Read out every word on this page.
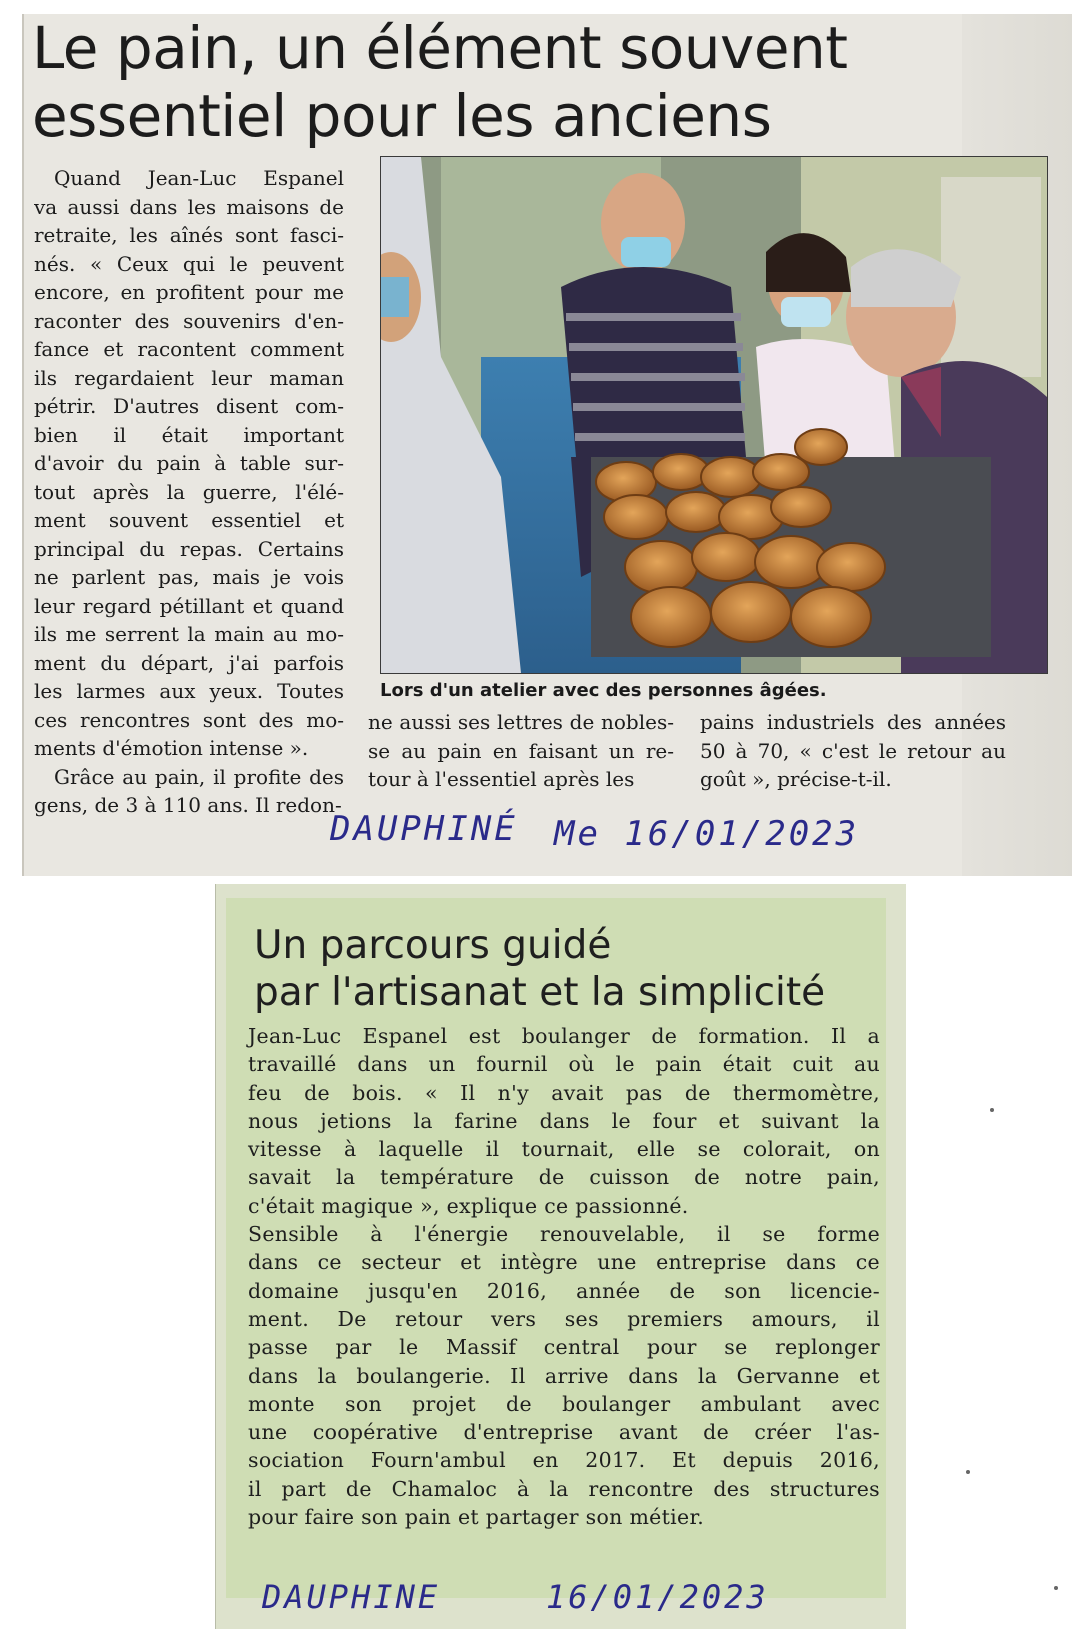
Le pain, un élément souvent
essentiel pour les anciens
Quand Jean-Luc Espanel
va aussi dans les maisons de
retraite, les aînés sont fasci-
nés. « Ceux qui le peuvent
encore, en profitent pour me
raconter des souvenirs d'en-
fance et racontent comment
ils regardaient leur maman
pétrir. D'autres disent com-
bien il était important
d'avoir du pain à table sur-
tout après la guerre, l'élé-
ment souvent essentiel et
principal du repas. Certains
ne parlent pas, mais je vois
leur regard pétillant et quand
ils me serrent la main au mo-
ment du départ, j'ai parfois
les larmes aux yeux. Toutes
ces rencontres sont des mo-
ments d'émotion intense ».
Grâce au pain, il profite des
gens, de 3 à 110 ans. Il redon-
Lors d'un atelier avec des personnes âgées.
ne aussi ses lettres de nobles-
se au pain en faisant un re-
tour à l'essentiel après les
pains industriels des années
50 à 70, « c'est le retour au
goût », précise-t-il.
DAUPHINÉ Me 16/01/2023
Un parcours guidé
par l'artisanat et la simplicité
Jean-Luc Espanel est boulanger de formation. Il a
travaillé dans un fournil où le pain était cuit au
feu de bois. « Il n'y avait pas de thermomètre,
nous jetions la farine dans le four et suivant la
vitesse à laquelle il tournait, elle se colorait, on
savait la température de cuisson de notre pain,
c'était magique », explique ce passionné.
Sensible à l'énergie renouvelable, il se forme
dans ce secteur et intègre une entreprise dans ce
domaine jusqu'en 2016, année de son licencie-
ment. De retour vers ses premiers amours, il
passe par le Massif central pour se replonger
dans la boulangerie. Il arrive dans la Gervanne et
monte son projet de boulanger ambulant avec
une coopérative d'entreprise avant de créer l'as-
sociation Fourn'ambul en 2017. Et depuis 2016,
il part de Chamaloc à la rencontre des structures
pour faire son pain et partager son métier.
DAUPHINE	16/01/2023
